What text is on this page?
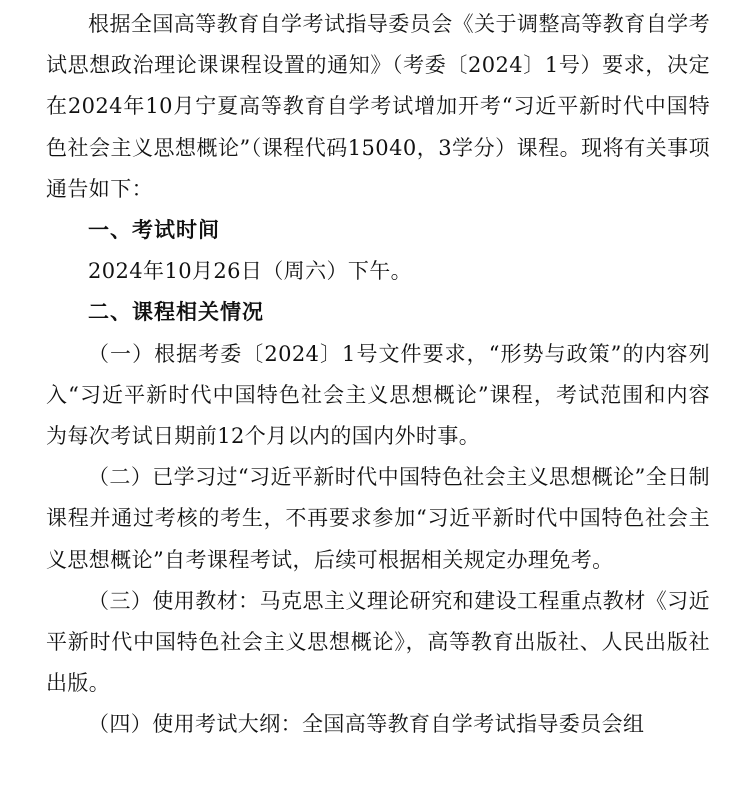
根据全国高等教育自学考试指导委员会《关于调整高等教育自学考试思想政治理论课课程设置的通知》（考委〔2024〕1号）要求，决定在2024年10月宁夏高等教育自学考试增加开考“习近平新时代中国特色社会主义思想概论”（课程代码15040，3学分）课程。现将有关事项通告如下：

一、考试时间

2024年10月26日（周六）下午。

二、课程相关情况

（一）根据考委〔2024〕1号文件要求，“形势与政策”的内容列入“习近平新时代中国特色社会主义思想概论”课程，考试范围和内容为每次考试日期前12个月以内的国内外时事。

（二）已学习过“习近平新时代中国特色社会主义思想概论”全日制课程并通过考核的考生，不再要求参加“习近平新时代中国特色社会主义思想概论”自考课程考试，后续可根据相关规定办理免考。

（三）使用教材：马克思主义理论研究和建设工程重点教材《习近平新时代中国特色社会主义思想概论》，高等教育出版社、人民出版社出版。

（四）使用考试大纲：全国高等教育自学考试指导委员会组
